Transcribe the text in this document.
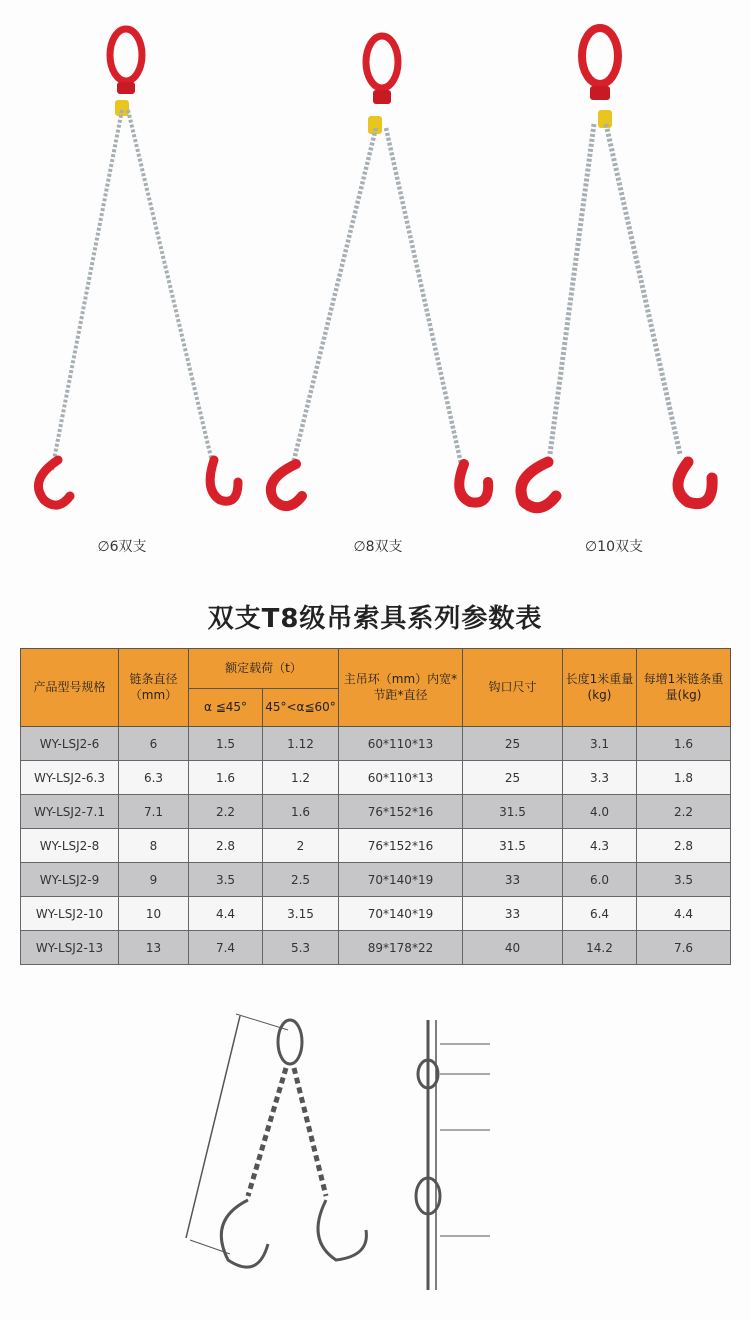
∅6双支	∅8双支	∅10双支
双支T8级吊索具系列参数表
产品型号规格	链条直径（mm）	额定载荷（t）		主吊环（mm）内宽*节距*直径	钩口尺寸	长度1米重量(kg)	每增1米链条重量(kg)
		α ≦45°	45°<α≦60°				
WY-LSJ2-6	6	1.5	1.12	60*110*13	25	3.1	1.6
WY-LSJ2-6.3	6.3	1.6	1.2	60*110*13	25	3.3	1.8
WY-LSJ2-7.1	7.1	2.2	1.6	76*152*16	31.5	4.0	2.2
WY-LSJ2-8	8	2.8	2	76*152*16	31.5	4.3	2.8
WY-LSJ2-9	9	3.5	2.5	70*140*19	33	6.0	3.5
WY-LSJ2-10	10	4.4	3.15	70*140*19	33	6.4	4.4
WY-LSJ2-13	13	7.4	5.3	89*178*22	40	14.2	7.6
